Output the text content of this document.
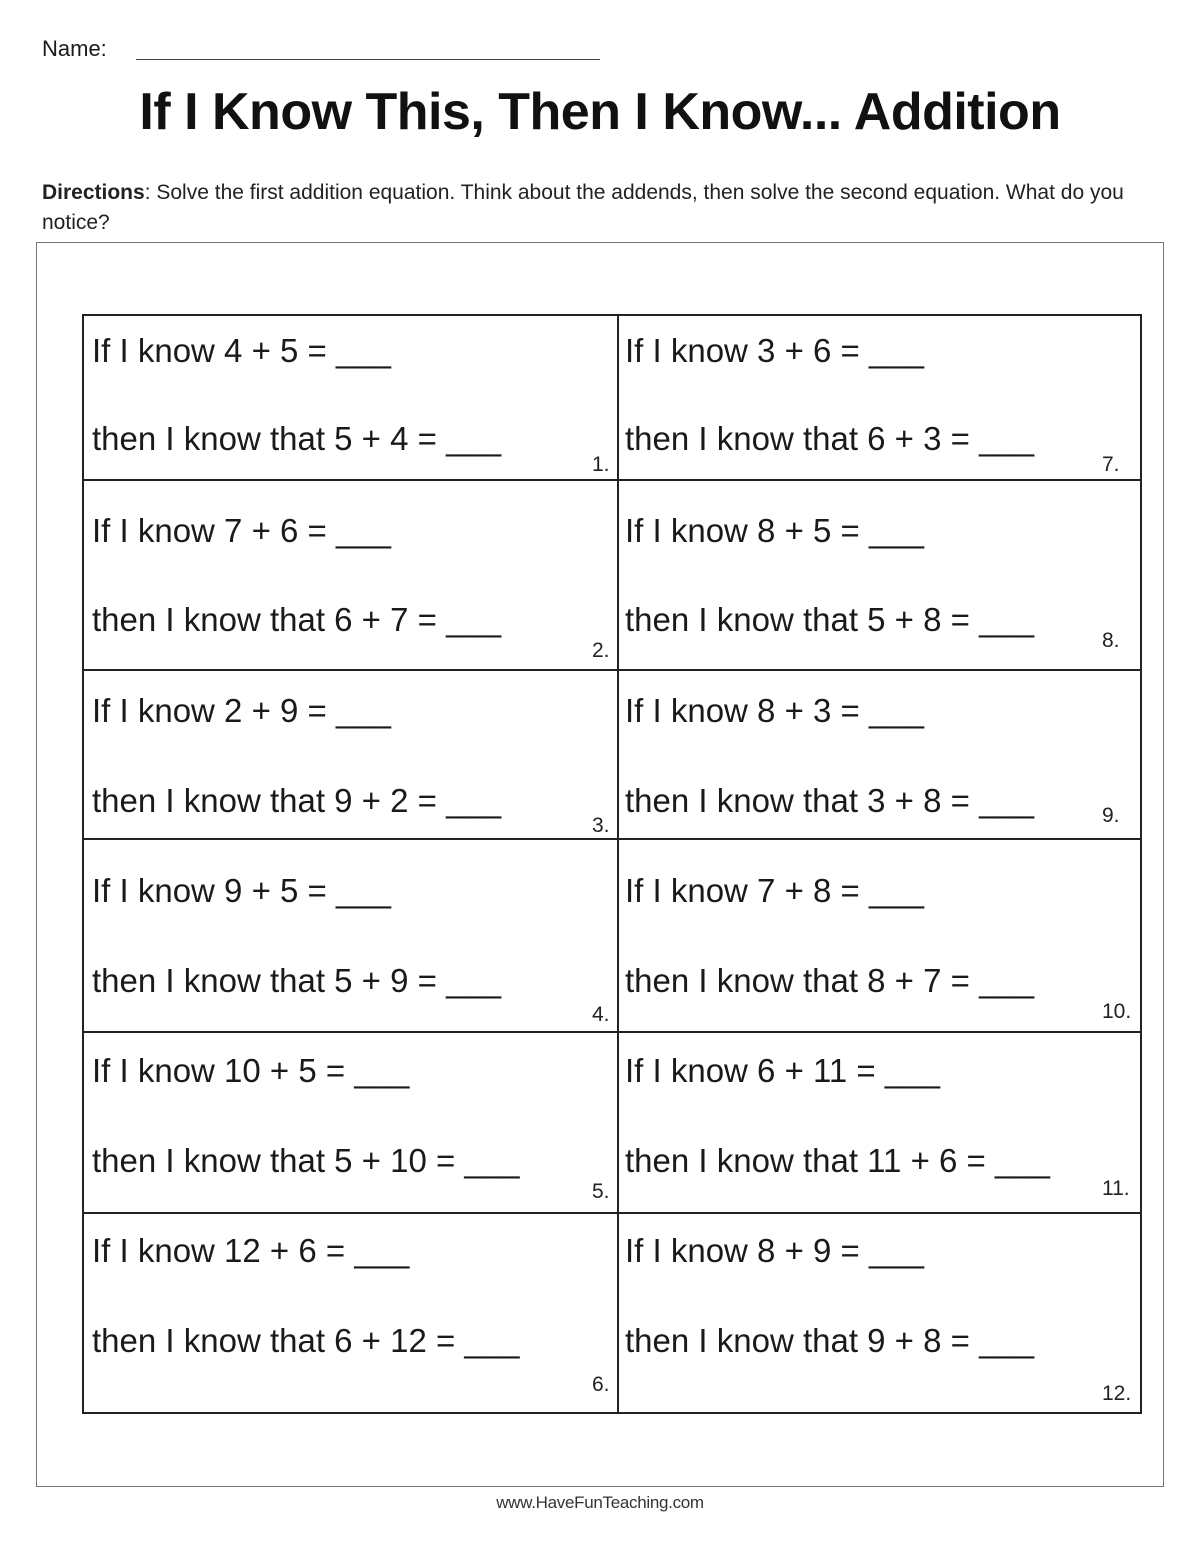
Name:
If I Know This, Then I Know... Addition
Directions: Solve the first addition equation. Think about the addends, then solve the second equation. What do you notice?
If I know 4 + 5 = ___
then I know that 5 + 4 = ___
1.
If I know 7 + 6 = ___
then I know that 6 + 7 = ___
2.
If I know 2 + 9 = ___
then I know that 9 + 2 = ___
3.
If I know 9 + 5 = ___
then I know that 5 + 9 = ___
4.
If I know 10 + 5 = ___
then I know that 5 + 10 = ___
5.
If I know 12 + 6 = ___
then I know that 6 + 12 = ___
6.
If I know 3 + 6 = ___
then I know that 6 + 3 = ___
7.
If I know 8 + 5 = ___
then I know that 5 + 8 = ___
8.
If I know 8 + 3 = ___
then I know that 3 + 8 = ___	9.
If I know 7 + 8 = ___
then I know that 8 + 7 = ___
10.
If I know 6 + 11 = ___
then I know that 11 + 6 = ___
11.
If I know 8 + 9 = ___
then I know that 9 + 8 = ___
12.
www.HaveFunTeaching.com
